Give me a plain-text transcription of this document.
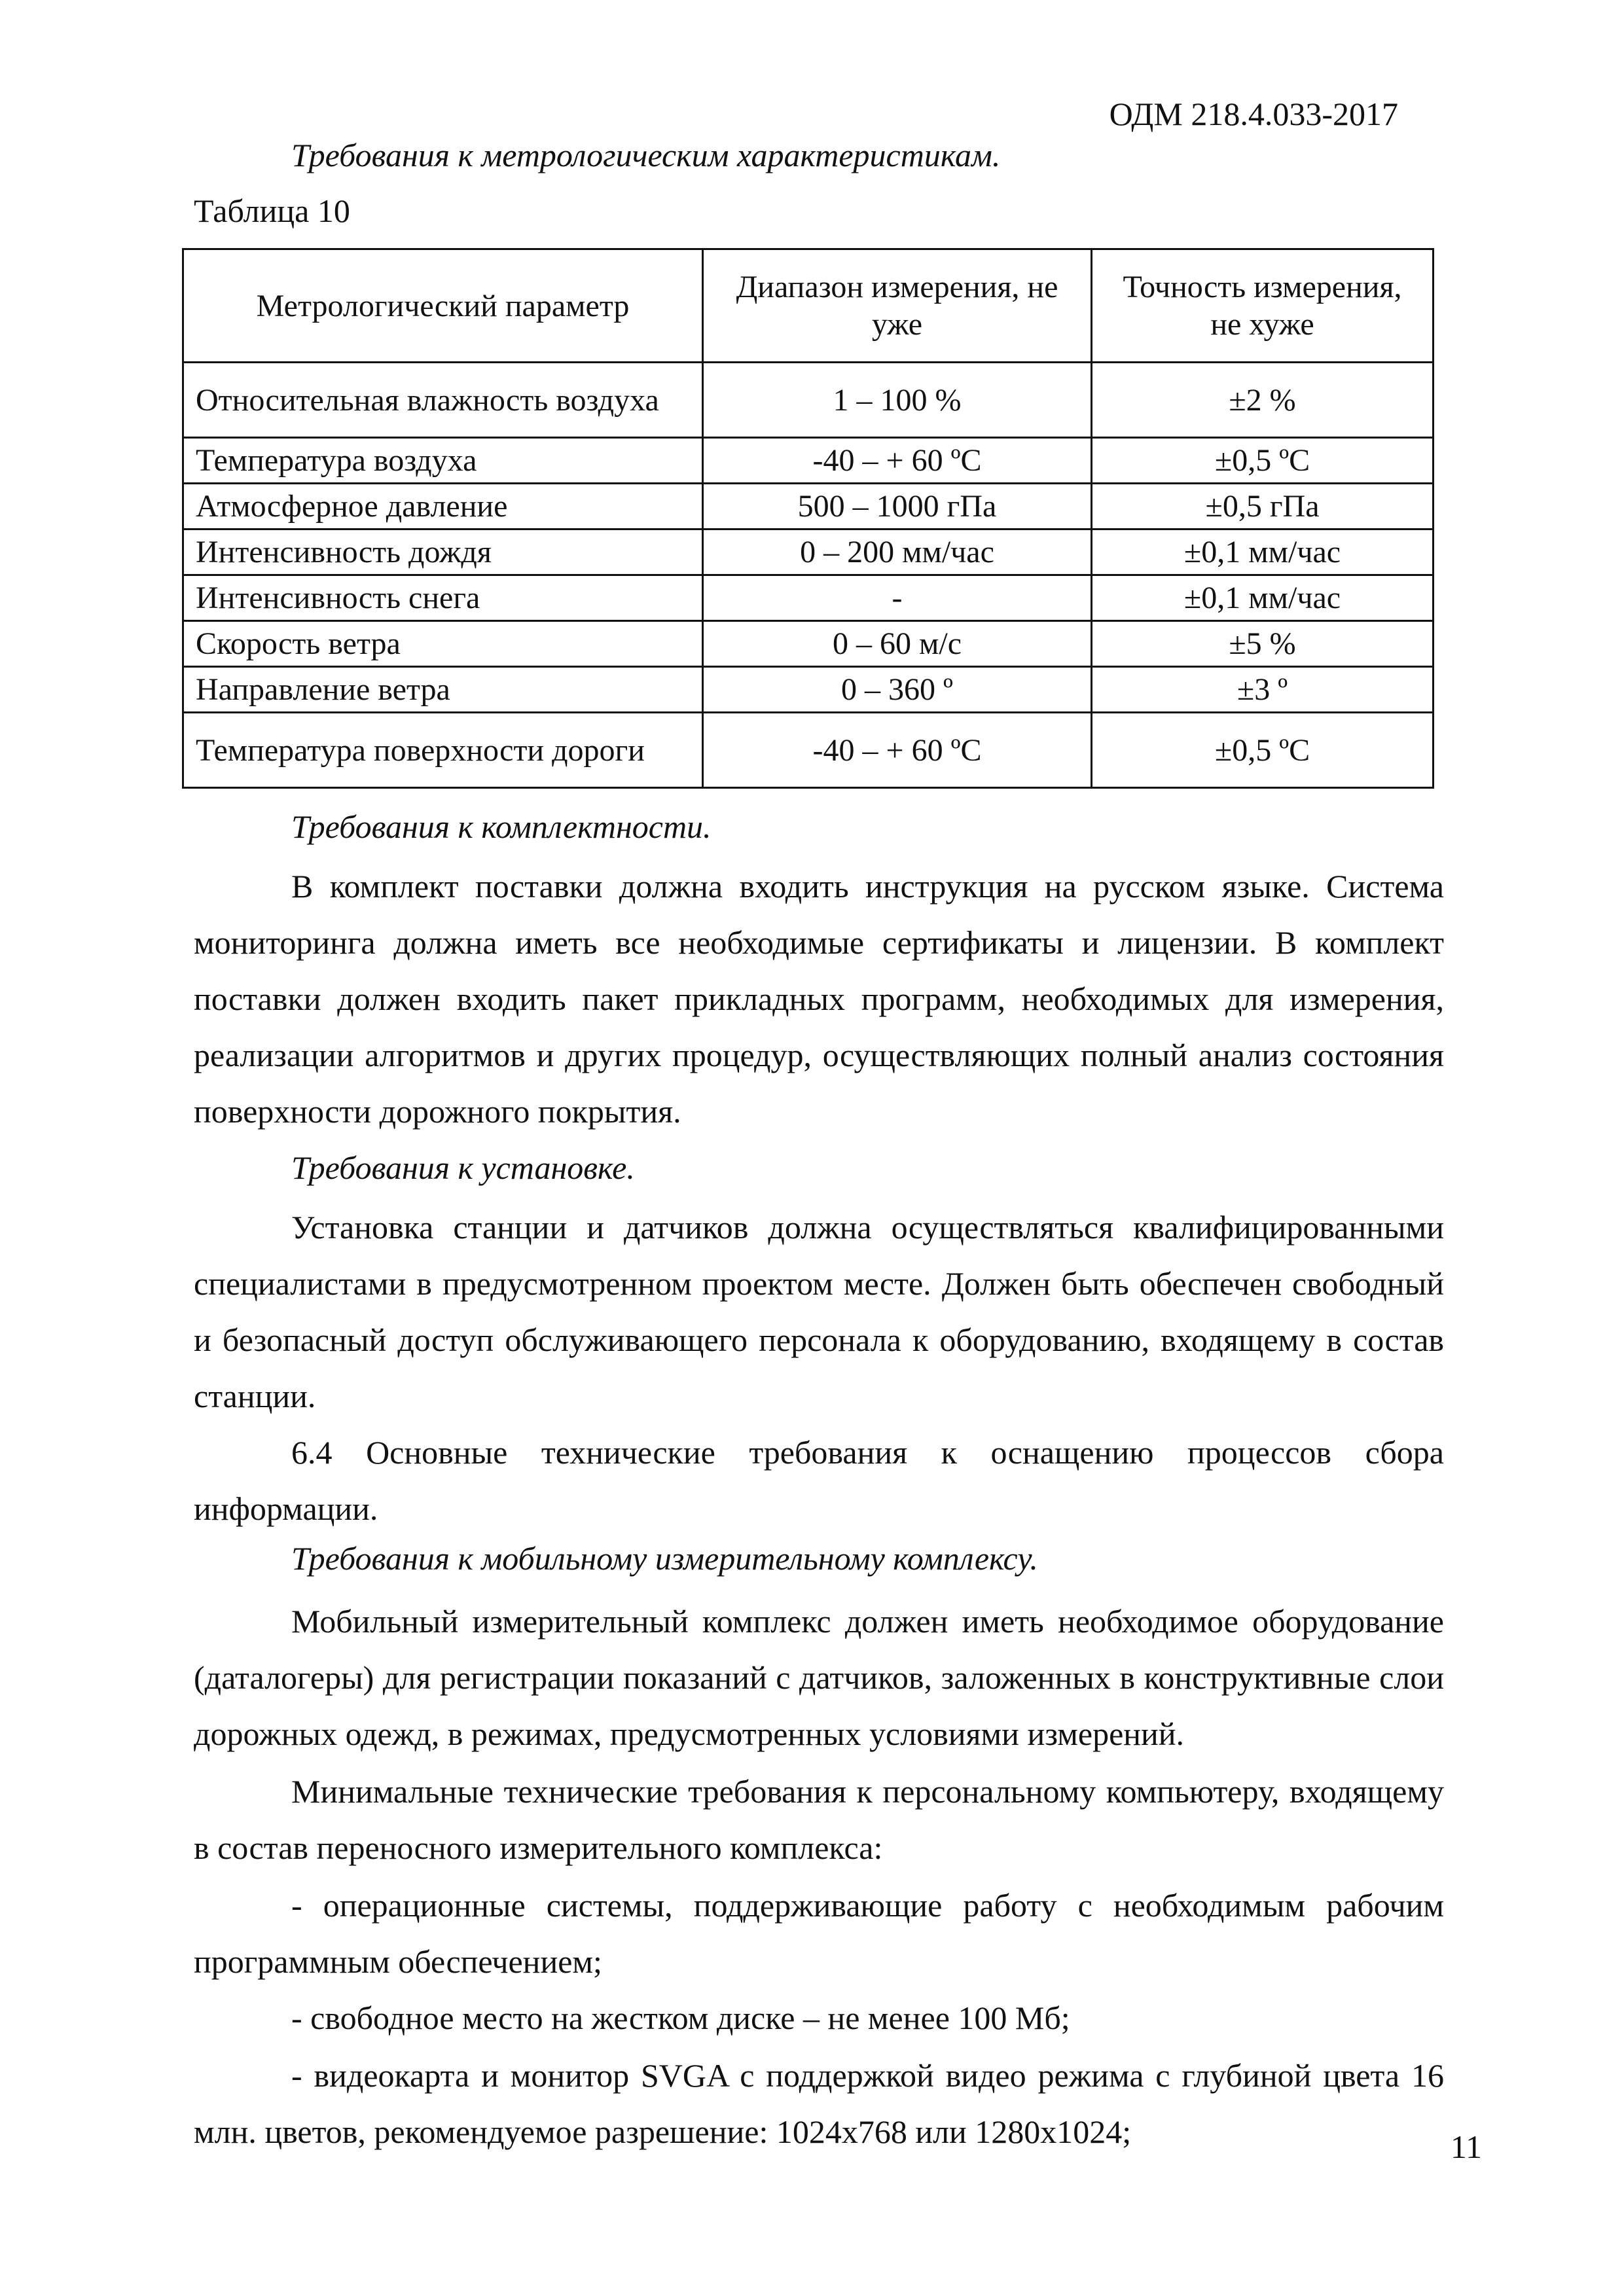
ОДМ 218.4.033-2017
Требования к метрологическим характеристикам.
Таблица 10
Метрологический параметр	Диапазон измерения, не уже	Точность измерения, не хуже
Относительная влажность воздуха	1 – 100 %	±2 %
Температура воздуха	-40 – + 60 ºС	±0,5 ºС
Атмосферное давление	500 – 1000 гПа	±0,5 гПа
Интенсивность дождя	0 – 200 мм/час	±0,1 мм/час
Интенсивность снега	-	±0,1 мм/час
Скорость ветра	0 – 60 м/с	±5 %
Направление ветра	0 – 360 º	±3 º
Температура поверхности дороги	-40 – + 60 ºС	±0,5 ºС
Требования к комплектности.

В комплект поставки должна входить инструкция на русском языке. Система мониторинга должна иметь все необходимые сертификаты и лицензии. В комплект поставки должен входить пакет прикладных программ, необходимых для измерения, реализации алгоритмов и других процедур, осуществляющих полный анализ состояния поверхности дорожного покрытия.

Требования к установке.

Установка станции и датчиков должна осуществляться квалифицированными специалистами в предусмотренном проектом месте. Должен быть обеспечен свободный и безопасный доступ обслуживающего персонала к оборудованию, входящему в состав станции.

6.4 Основные технические требования к оснащению процессов сбора информации.

Требования к мобильному измерительному комплексу.

Мобильный измерительный комплекс должен иметь необходимое оборудование (даталогеры) для регистрации показаний с датчиков, заложенных в конструктивные слои дорожных одежд, в режимах, предусмотренных условиями измерений.

Минимальные технические требования к персональному компьютеру, входящему в состав переносного измерительного комплекса:

- операционные системы, поддерживающие работу с необходимым рабочим программным обеспечением;

- свободное место на жестком диске – не менее 100 Мб;

- видеокарта и монитор SVGA с поддержкой видео режима с глубиной цвета 16 млн. цветов, рекомендуемое разрешение: 1024х768 или 1280х1024;	11
